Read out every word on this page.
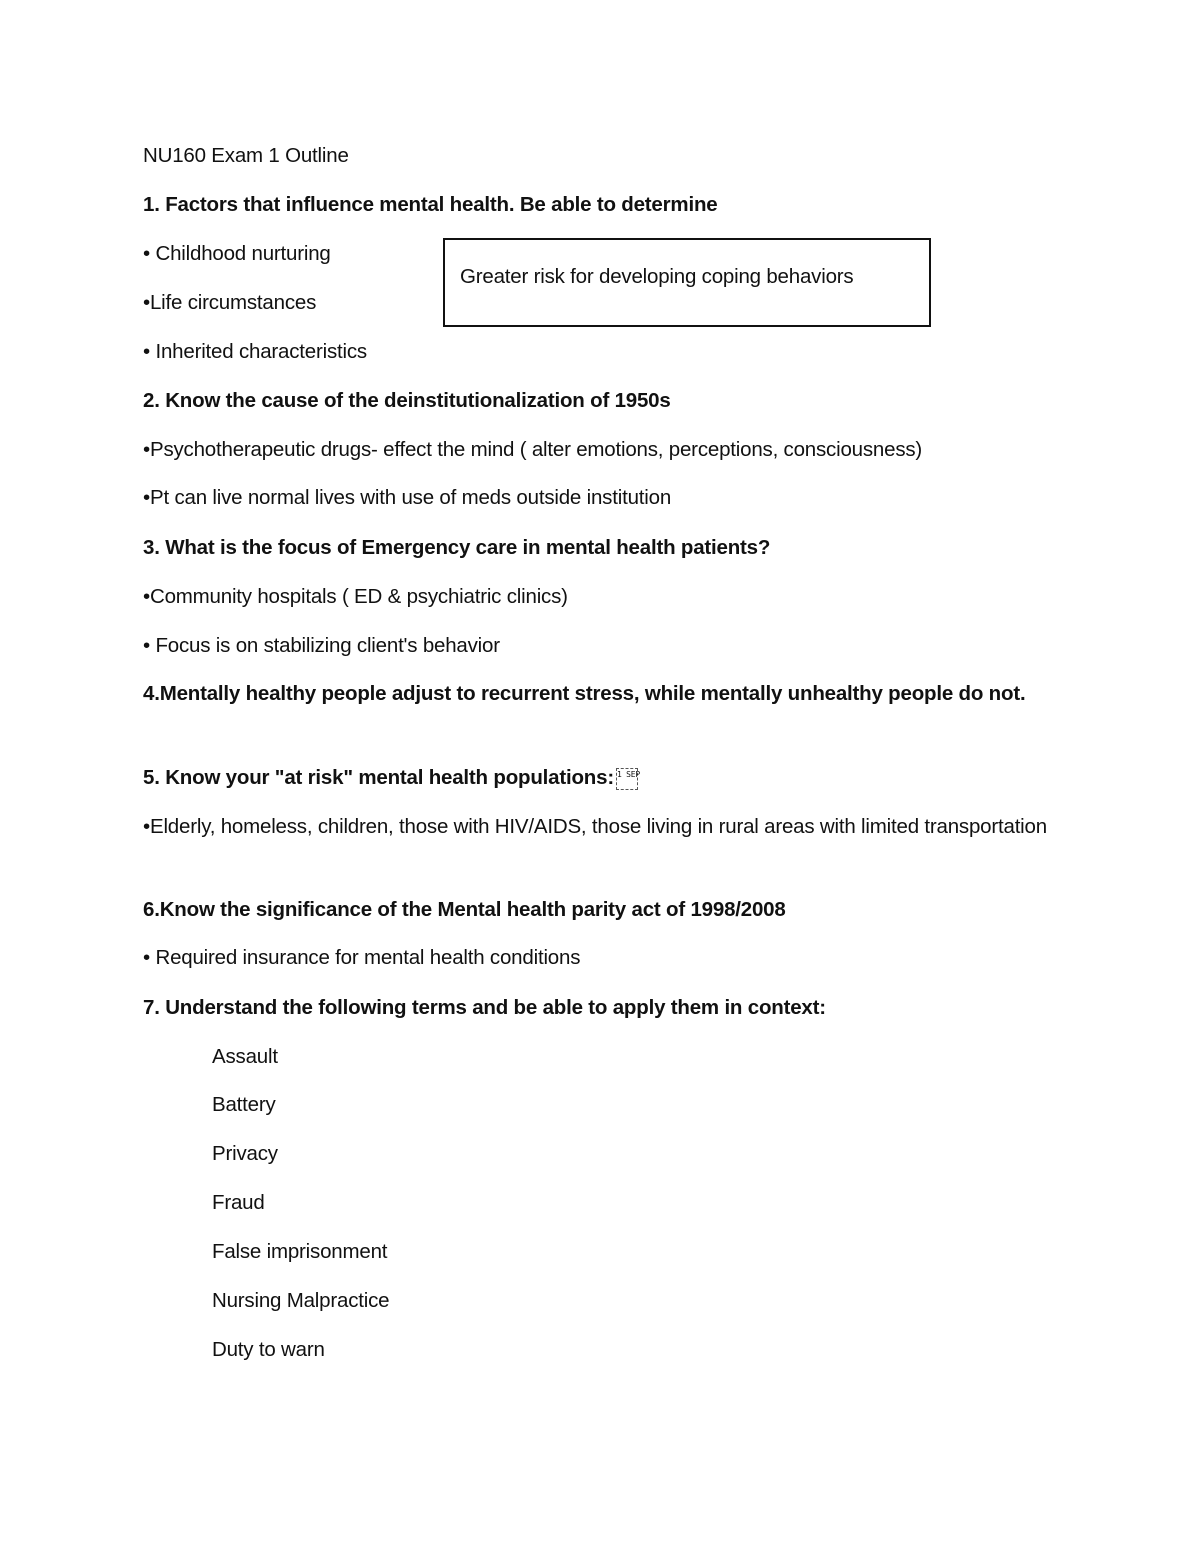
NU160 Exam 1 Outline
1. Factors that influence mental health. Be able to determine
• Childhood nurturing
•Life circumstances
• Inherited characteristics
Greater risk for developing coping behaviors
2. Know the cause of the deinstitutionalization of 1950s
•Psychotherapeutic drugs- effect the mind ( alter emotions, perceptions, consciousness)
•Pt can live normal lives with use of meds outside institution
3. What is the focus of Emergency care in mental health patients?
•Community hospitals ( ED & psychiatric clinics)
• Focus is on stabilizing client's behavior
4.Mentally healthy people adjust to recurrent stress, while mentally unhealthy people do not.
5. Know your "at risk" mental health populations: 1 SEP
•Elderly, homeless, children, those with HIV/AIDS, those living in rural areas with limited transportation
6.Know the significance of the Mental health parity act of 1998/2008
• Required insurance for mental health conditions
7. Understand the following terms and be able to apply them in context:
Assault
Battery
Privacy
Fraud
False imprisonment
Nursing Malpractice
Duty to warn
